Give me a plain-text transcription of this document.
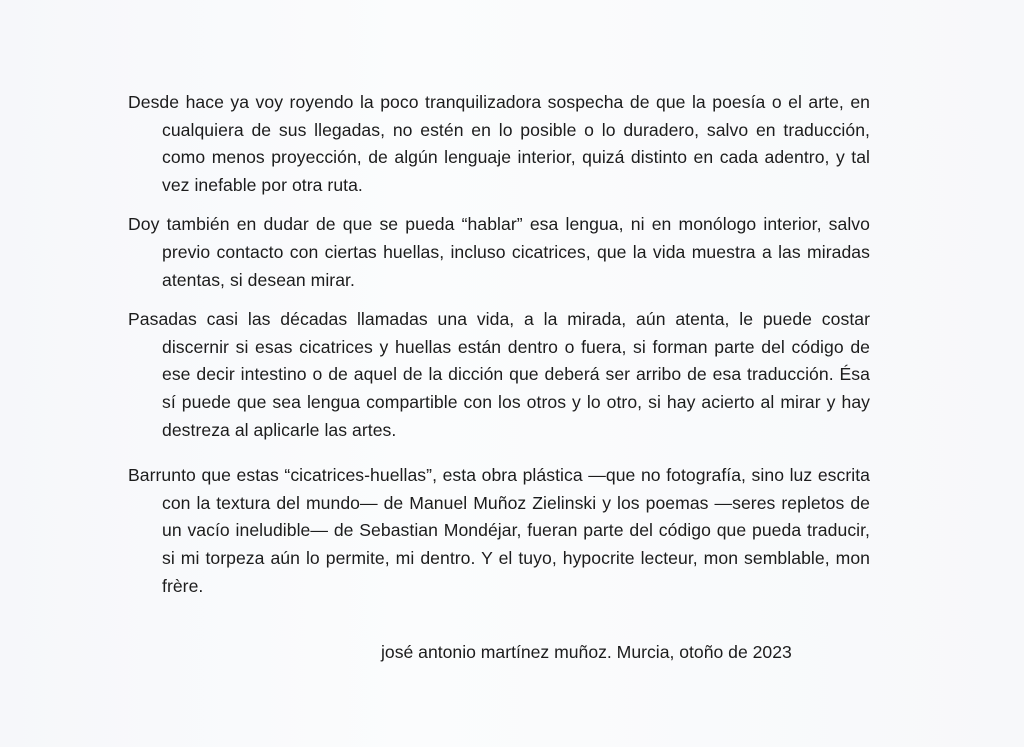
Desde hace ya voy royendo la poco tranquilizadora sospecha de que la poesía o el arte, en cualquiera de sus llegadas, no estén en lo posible o lo duradero, salvo en traducción, como menos proyección, de algún lenguaje interior, quizá distinto en cada adentro, y tal vez inefable por otra ruta.

Doy también en dudar de que se pueda “hablar” esa lengua, ni en monólogo interior, salvo previo contacto con ciertas huellas, incluso cicatrices, que la vida muestra a las miradas atentas, si desean mirar.

Pasadas casi las décadas llamadas una vida, a la mirada, aún atenta, le puede costar discernir si esas cicatrices y huellas están dentro o fuera, si forman parte del código de ese decir intestino o de aquel de la dicción que deberá ser arribo de esa traducción. Ésa sí puede que sea lengua compartible con los otros y lo otro, si hay acierto al mirar y hay destreza al aplicarle las artes.

Barrunto que estas “cicatrices-huellas”, esta obra plástica —que no fotografía, sino luz escrita con la textura del mundo— de Manuel Muñoz Zielinski y los poemas —seres repletos de un vacío ineludible— de Sebastian Mondéjar, fueran parte del código que pueda traducir, si mi torpeza aún lo permite, mi dentro. Y el tuyo, hypocrite lecteur, mon semblable, mon frère.

josé antonio martínez muñoz. Murcia, otoño de 2023
